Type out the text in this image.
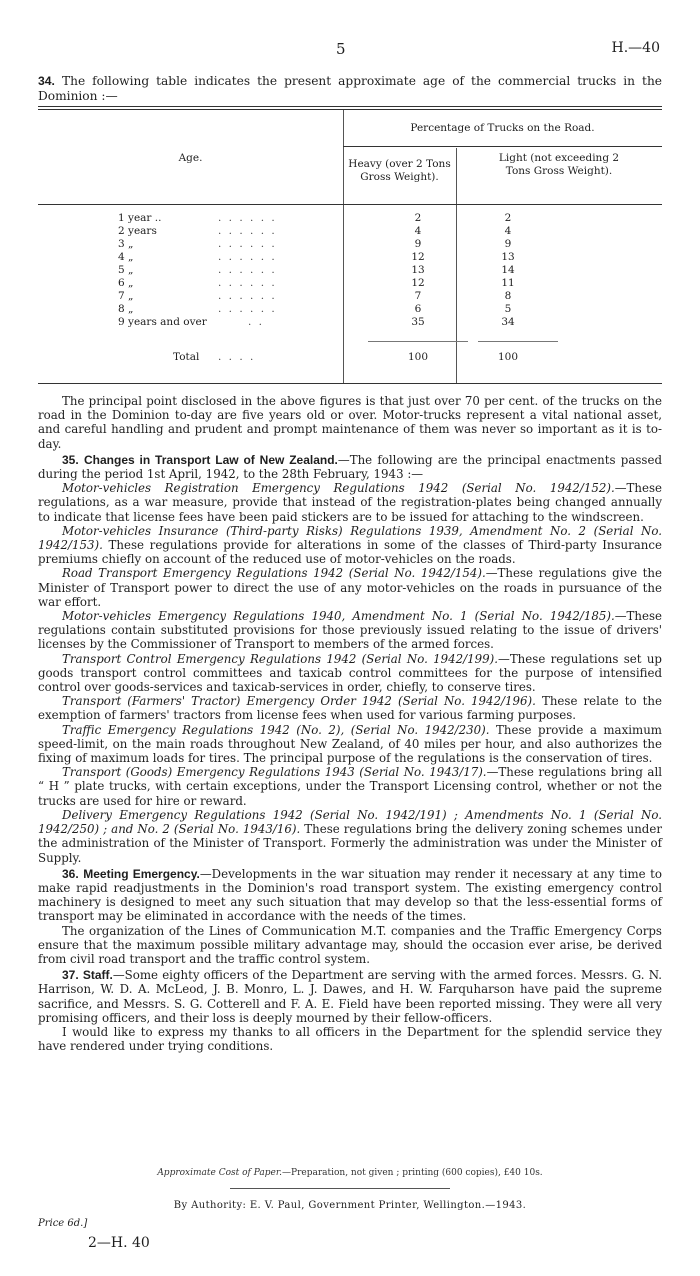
5	H.—40
34. The following table indicates the present approximate age of the commercial trucks in the Dominion :—
Age.
Percentage of Trucks on the Road.
Heavy (over 2 Tons Gross Weight).
Light (not exceeding 2 Tons Gross Weight).
1 year ..	. . . . . .	2	2
2 years	. . . . . .	4	4
3 „	. . . . . .	9	9
4 „	. . . . . .	12	13
5 „	. . . . . .	13	14
6 „	. . . . . .	12	11
7 „	. . . . . .	7	8
8 „	. . . . . .	6	5
9 years and over	. .	35	34
Total . . . .	100	100

The principal point disclosed in the above figures is that just over 70 per cent. of the trucks on the road in the Dominion to-day are five years old or over. Motor-trucks represent a vital national asset, and careful handling and prudent and prompt maintenance of them was never so important as it is to-day.

35. Changes in Transport Law of New Zealand.—The following are the principal enactments passed during the period 1st April, 1942, to the 28th February, 1943 :—

Motor-vehicles Registration Emergency Regulations 1942 (Serial No. 1942/152).—These regulations, as a war measure, provide that instead of the registration-plates being changed annually to indicate that license fees have been paid stickers are to be issued for attaching to the windscreen.

Motor-vehicles Insurance (Third-party Risks) Regulations 1939, Amendment No. 2 (Serial No. 1942/153). These regulations provide for alterations in some of the classes of Third-party Insurance premiums chiefly on account of the reduced use of motor-vehicles on the roads.

Road Transport Emergency Regulations 1942 (Serial No. 1942/154).—These regulations give the Minister of Transport power to direct the use of any motor-vehicles on the roads in pursuance of the war effort.

Motor-vehicles Emergency Regulations 1940, Amendment No. 1 (Serial No. 1942/185).—These regulations contain substituted provisions for those previously issued relating to the issue of drivers' licenses by the Commissioner of Transport to members of the armed forces.

Transport Control Emergency Regulations 1942 (Serial No. 1942/199).—These regulations set up goods transport control committees and taxicab control committees for the purpose of intensified control over goods-services and taxicab-services in order, chiefly, to conserve tires.

Transport (Farmers' Tractor) Emergency Order 1942 (Serial No. 1942/196). These relate to the exemption of farmers' tractors from license fees when used for various farming purposes.

Traffic Emergency Regulations 1942 (No. 2), (Serial No. 1942/230). These provide a maximum speed-limit, on the main roads throughout New Zealand, of 40 miles per hour, and also authorizes the fixing of maximum loads for tires. The principal purpose of the regulations is the conservation of tires.

Transport (Goods) Emergency Regulations 1943 (Serial No. 1943/17).—These regulations bring all “ H ” plate trucks, with certain exceptions, under the Transport Licensing control, whether or not the trucks are used for hire or reward.

Delivery Emergency Regulations 1942 (Serial No. 1942/191) ; Amendments No. 1 (Serial No. 1942/250) ; and No. 2 (Serial No. 1943/16). These regulations bring the delivery zoning schemes under the administration of the Minister of Transport. Formerly the administration was under the Minister of Supply.

36. Meeting Emergency.—Developments in the war situation may render it necessary at any time to make rapid readjustments in the Dominion's road transport system. The existing emergency control machinery is designed to meet any such situation that may develop so that the less-essential forms of transport may be eliminated in accordance with the needs of the times.

The organization of the Lines of Communication M.T. companies and the Traffic Emergency Corps ensure that the maximum possible military advantage may, should the occasion ever arise, be derived from civil road transport and the traffic control system.

37. Staff.—Some eighty officers of the Department are serving with the armed forces. Messrs. G. N. Harrison, W. D. A. McLeod, J. B. Monro, L. J. Dawes, and H. W. Farquharson have paid the supreme sacrifice, and Messrs. S. G. Cotterell and F. A. E. Field have been reported missing. They were all very promising officers, and their loss is deeply mourned by their fellow-officers.

I would like to express my thanks to all officers in the Department for the splendid service they have rendered under trying conditions.

Approximate Cost of Paper.—Preparation, not given ; printing (600 copies), £40 10s.
By Authority: E. V. Paul, Government Printer, Wellington.—1943.
Price 6d.]
2—H. 40
